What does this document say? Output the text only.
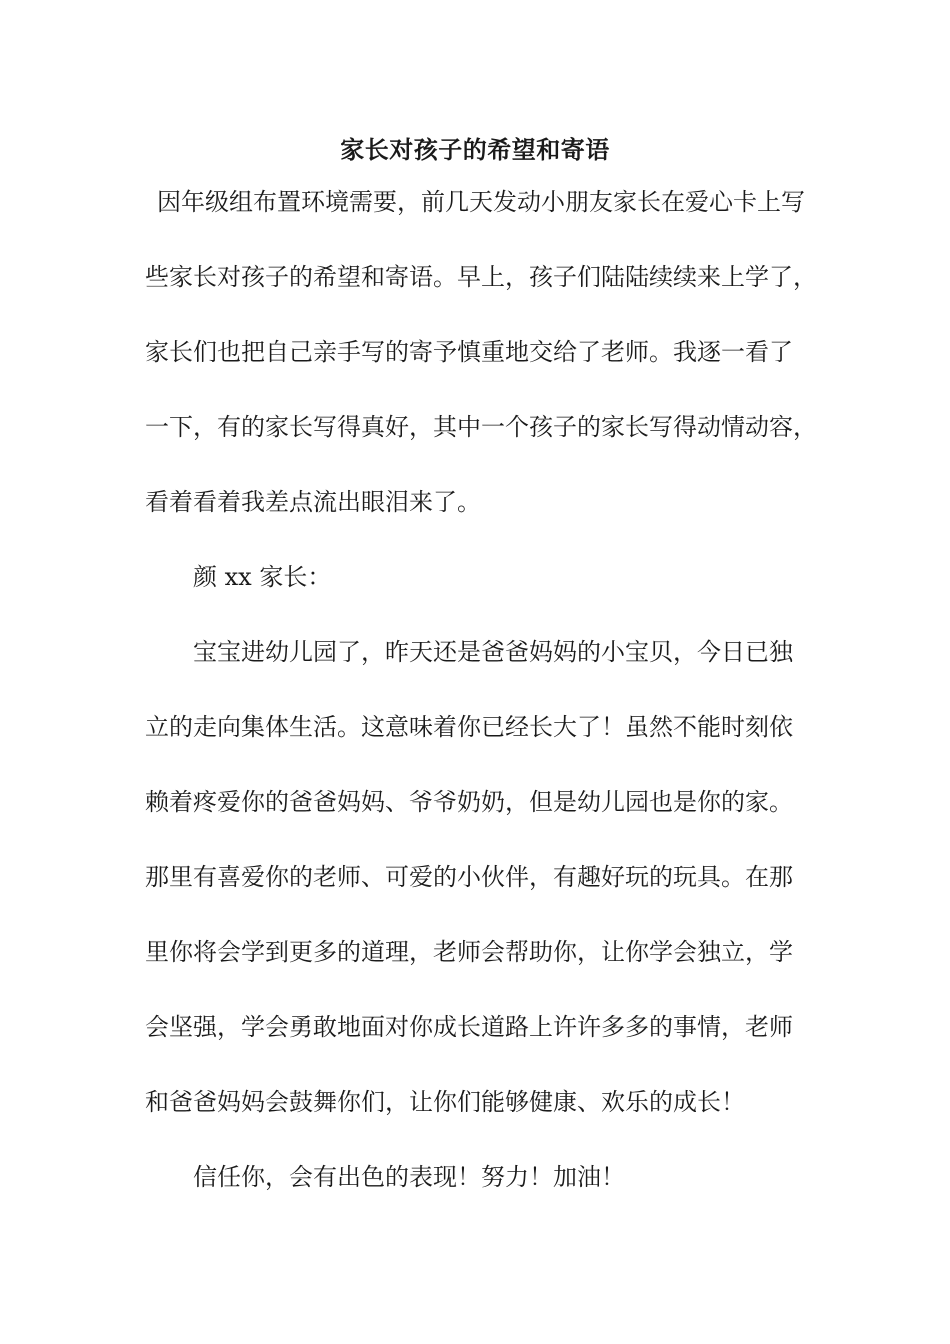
家长对孩子的希望和寄语
因年级组布置环境需要，前几天发动小朋友家长在爱心卡上写
些家长对孩子的希望和寄语。早上，孩子们陆陆续续来上学了，
家长们也把自己亲手写的寄予慎重地交给了老师。我逐一看了
一下，有的家长写得真好，其中一个孩子的家长写得动情动容，
看着看着我差点流出眼泪来了。
颜 xx 家长：
宝宝进幼儿园了，昨天还是爸爸妈妈的小宝贝，今日已独
立的走向集体生活。这意味着你已经长大了！虽然不能时刻依
赖着疼爱你的爸爸妈妈、爷爷奶奶，但是幼儿园也是你的家。
那里有喜爱你的老师、可爱的小伙伴，有趣好玩的玩具。在那
里你将会学到更多的道理，老师会帮助你，让你学会独立，学
会坚强，学会勇敢地面对你成长道路上许许多多的事情，老师
和爸爸妈妈会鼓舞你们，让你们能够健康、欢乐的成长！
信任你，会有出色的表现！努力！加油！
